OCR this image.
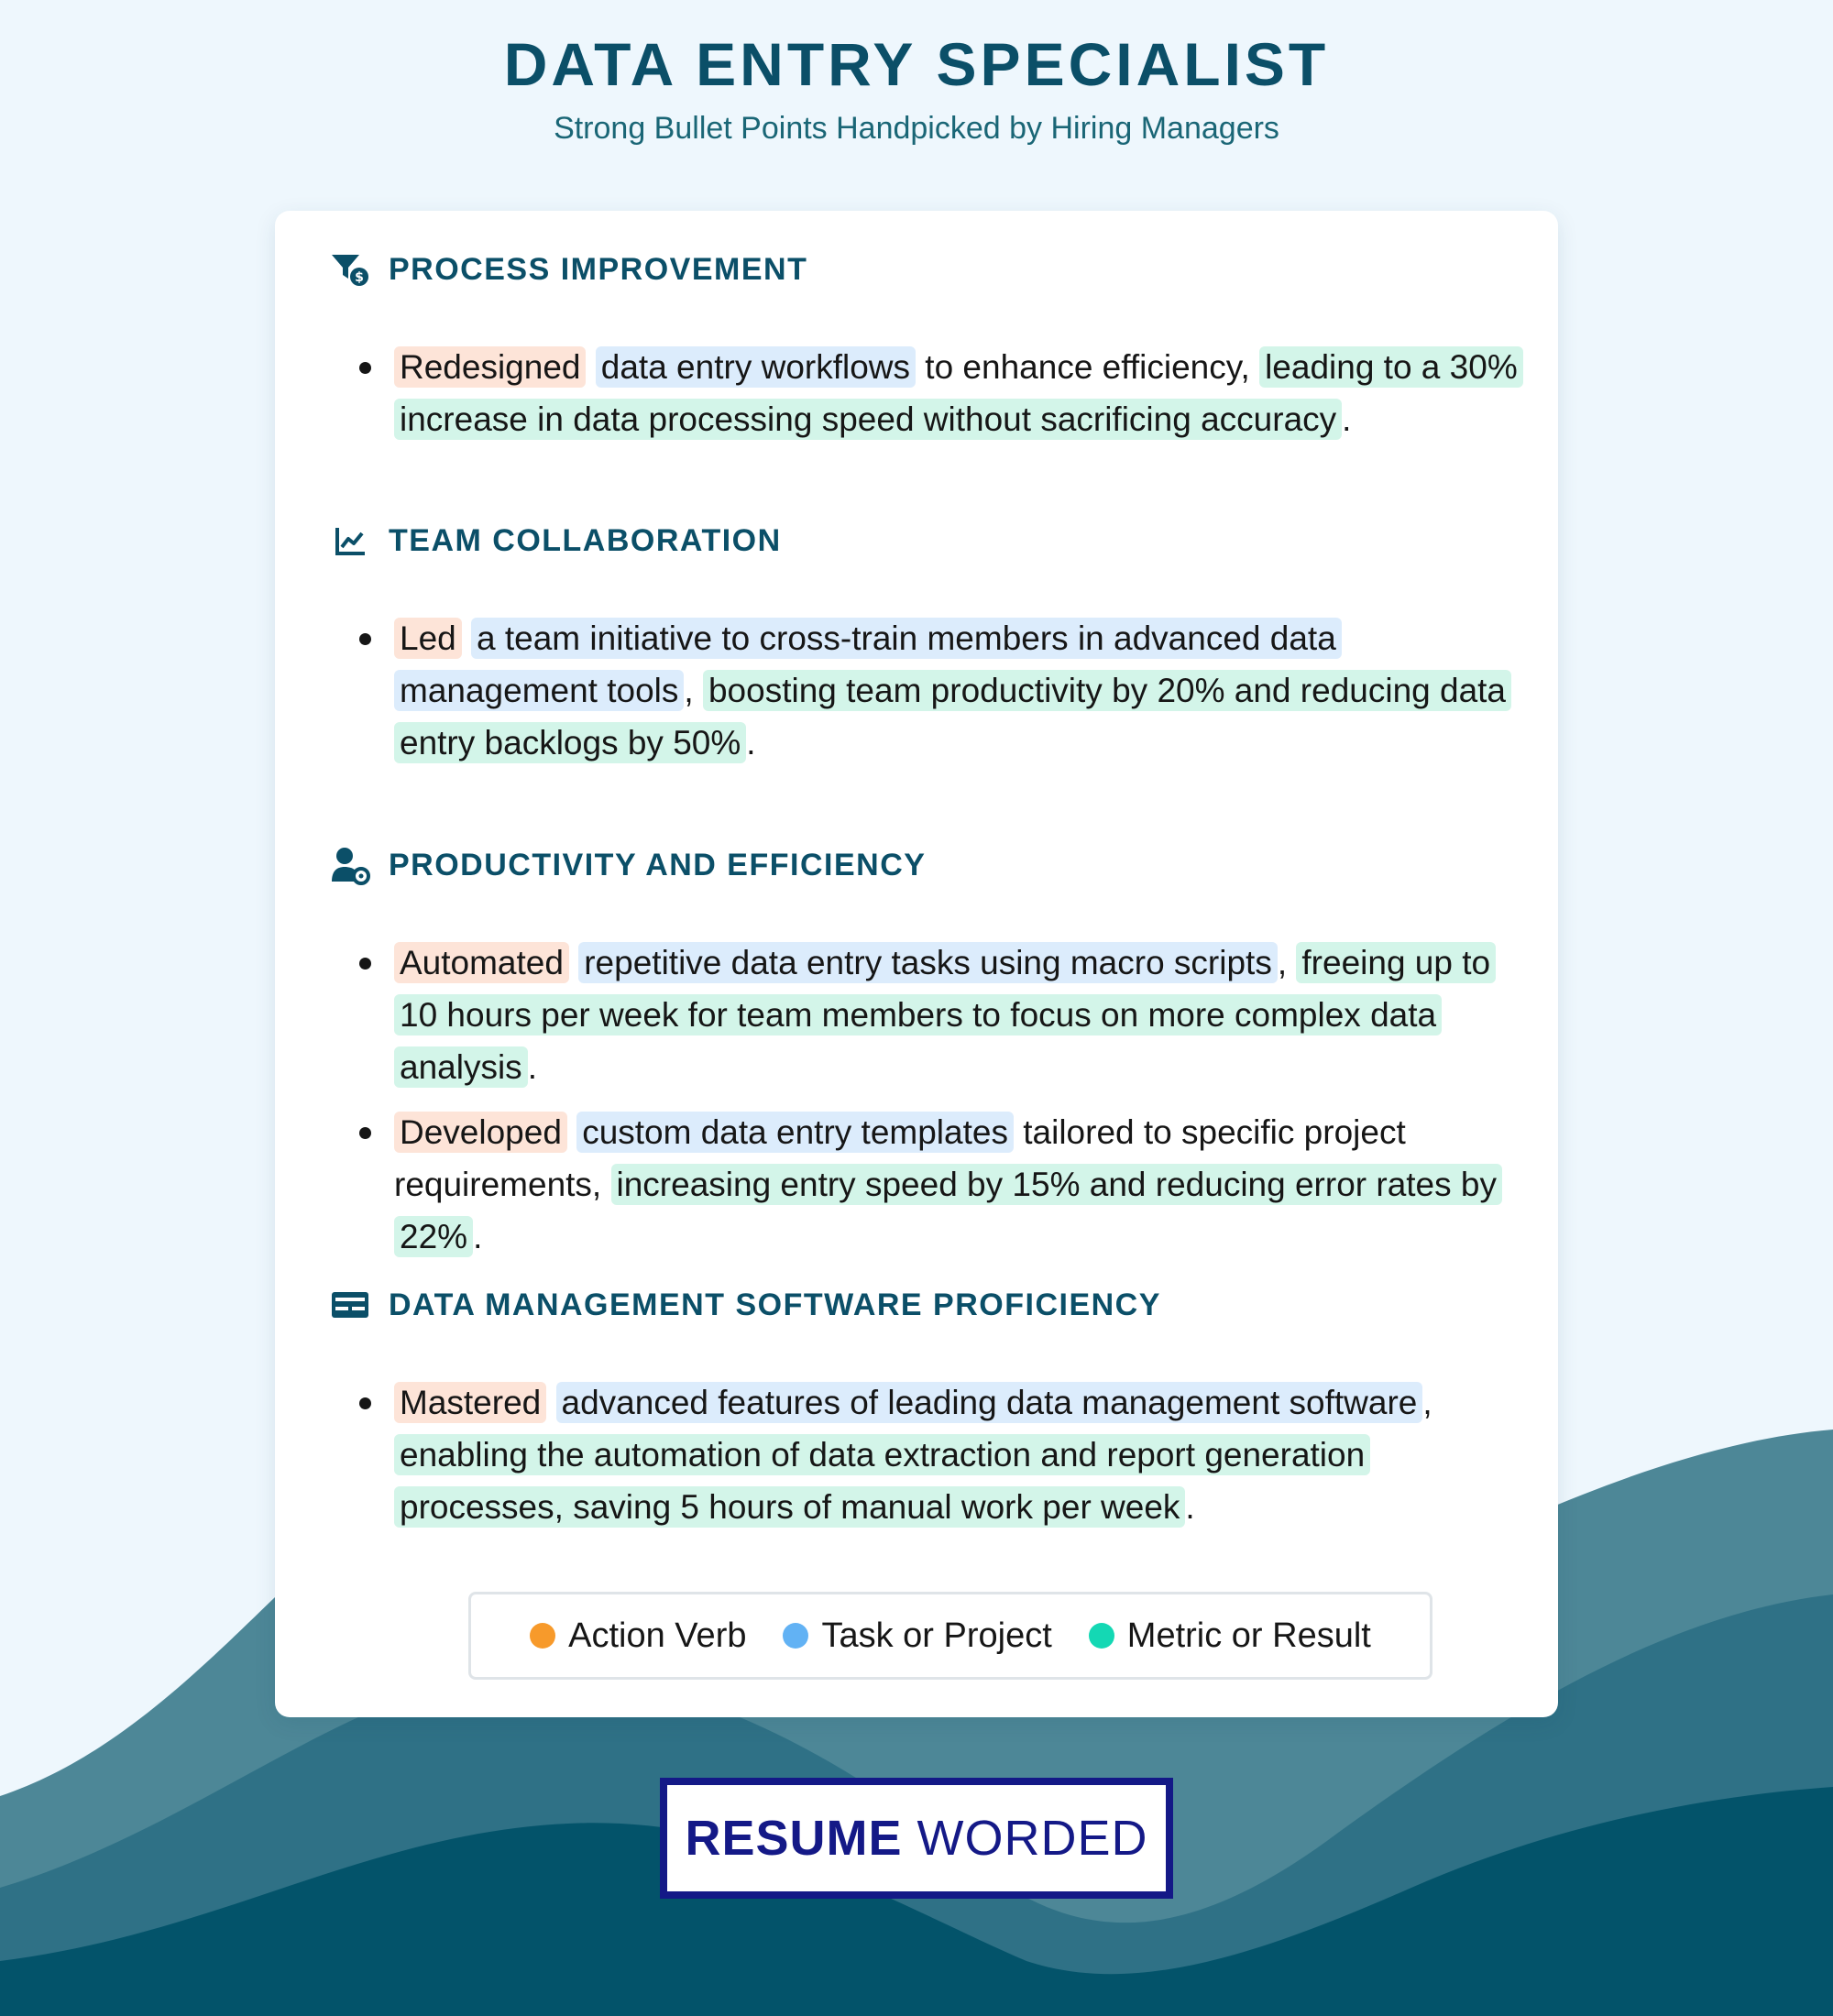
DATA ENTRY SPECIALIST
Strong Bullet Points Handpicked by Hiring Managers
$ PROCESS IMPROVEMENT
Redesigned data entry workflows to enhance efficiency, leading to a 30% increase in data processing speed without sacrificing accuracy .
TEAM COLLABORATION
Led a team initiative to cross-train members in advanced data management tools , boosting team productivity by 20% and reducing data entry backlogs by 50% .
PRODUCTIVITY AND EFFICIENCY
Automated repetitive data entry tasks using macro scripts , freeing up to 10 hours per week for team members to focus on more complex data analysis .
Developed custom data entry templates tailored to specific project requirements, increasing entry speed by 15% and reducing error rates by 22% .
DATA MANAGEMENT SOFTWARE PROFICIENCY
Mastered advanced features of leading data management software , enabling the automation of data extraction and report generation processes, saving 5 hours of manual work per week .
Action Verb Task or Project Metric or Result
RESUME WORDED
